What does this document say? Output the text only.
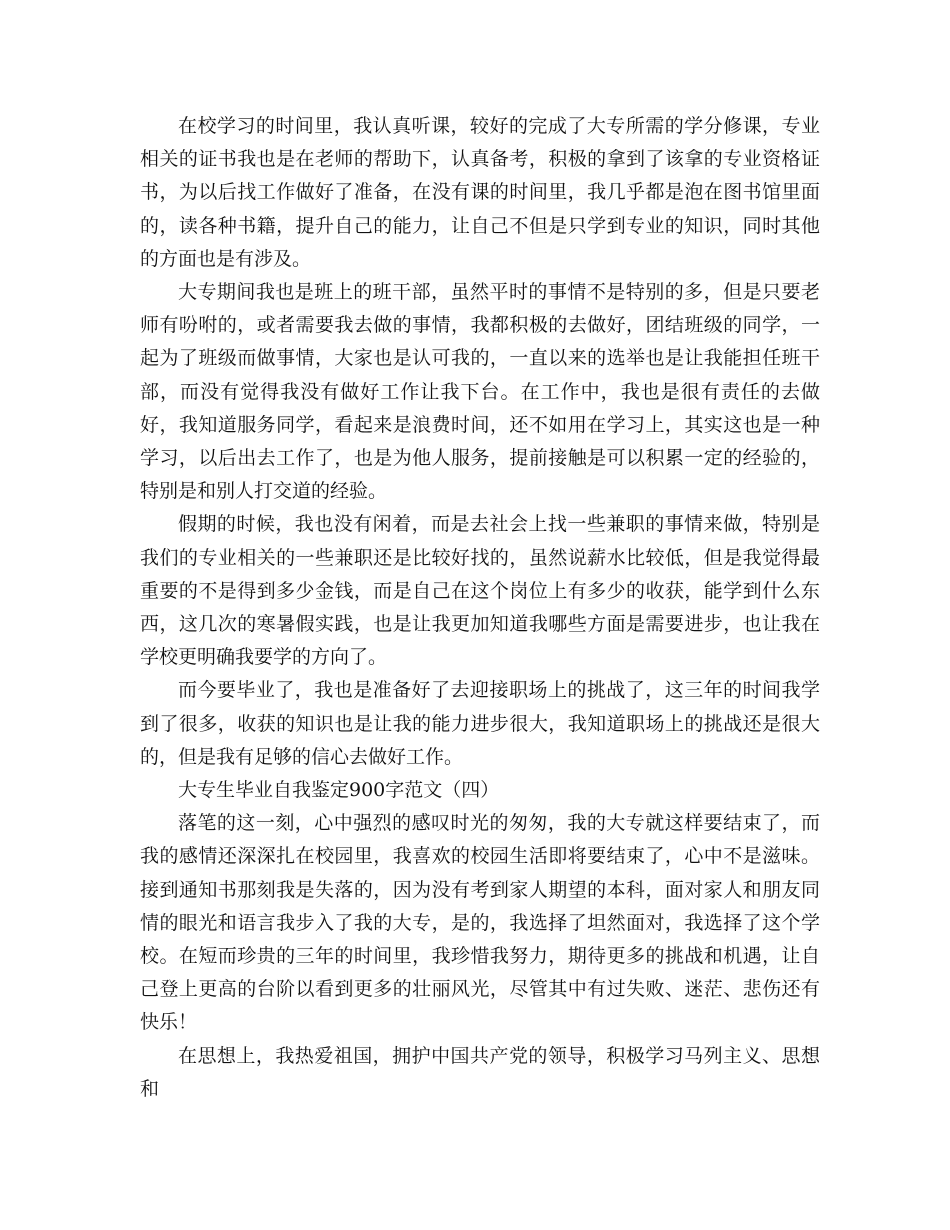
在校学习的时间里，我认真听课，较好的完成了大专所需的学分修课，专业相关的证书我也是在老师的帮助下，认真备考，积极的拿到了该拿的专业资格证书，为以后找工作做好了准备，在没有课的时间里，我几乎都是泡在图书馆里面的，读各种书籍，提升自己的能力，让自己不但是只学到专业的知识，同时其他的方面也是有涉及。

大专期间我也是班上的班干部，虽然平时的事情不是特别的多，但是只要老师有吩咐的，或者需要我去做的事情，我都积极的去做好，团结班级的同学，一起为了班级而做事情，大家也是认可我的，一直以来的选举也是让我能担任班干部，而没有觉得我没有做好工作让我下台。在工作中，我也是很有责任的去做好，我知道服务同学，看起来是浪费时间，还不如用在学习上，其实这也是一种学习，以后出去工作了，也是为他人服务，提前接触是可以积累一定的经验的，特别是和别人打交道的经验。

假期的时候，我也没有闲着，而是去社会上找一些兼职的事情来做，特别是我们的专业相关的一些兼职还是比较好找的，虽然说薪水比较低，但是我觉得最重要的不是得到多少金钱，而是自己在这个岗位上有多少的收获，能学到什么东西，这几次的寒暑假实践，也是让我更加知道我哪些方面是需要进步，也让我在学校更明确我要学的方向了。

而今要毕业了，我也是准备好了去迎接职场上的挑战了，这三年的时间我学到了很多，收获的知识也是让我的能力进步很大，我知道职场上的挑战还是很大的，但是我有足够的信心去做好工作。

大专生毕业自我鉴定900字范文（四）

落笔的这一刻，心中强烈的感叹时光的匆匆，我的大专就这样要结束了，而我的感情还深深扎在校园里，我喜欢的校园生活即将要结束了，心中不是滋味。接到通知书那刻我是失落的，因为没有考到家人期望的本科，面对家人和朋友同情的眼光和语言我步入了我的大专，是的，我选择了坦然面对，我选择了这个学校。在短而珍贵的三年的时间里，我珍惜我努力，期待更多的挑战和机遇，让自己登上更高的台阶以看到更多的壮丽风光，尽管其中有过失败、迷茫、悲伤还有快乐！

在思想上，我热爱祖国，拥护中国共产党的领导，积极学习马列主义、思想和
